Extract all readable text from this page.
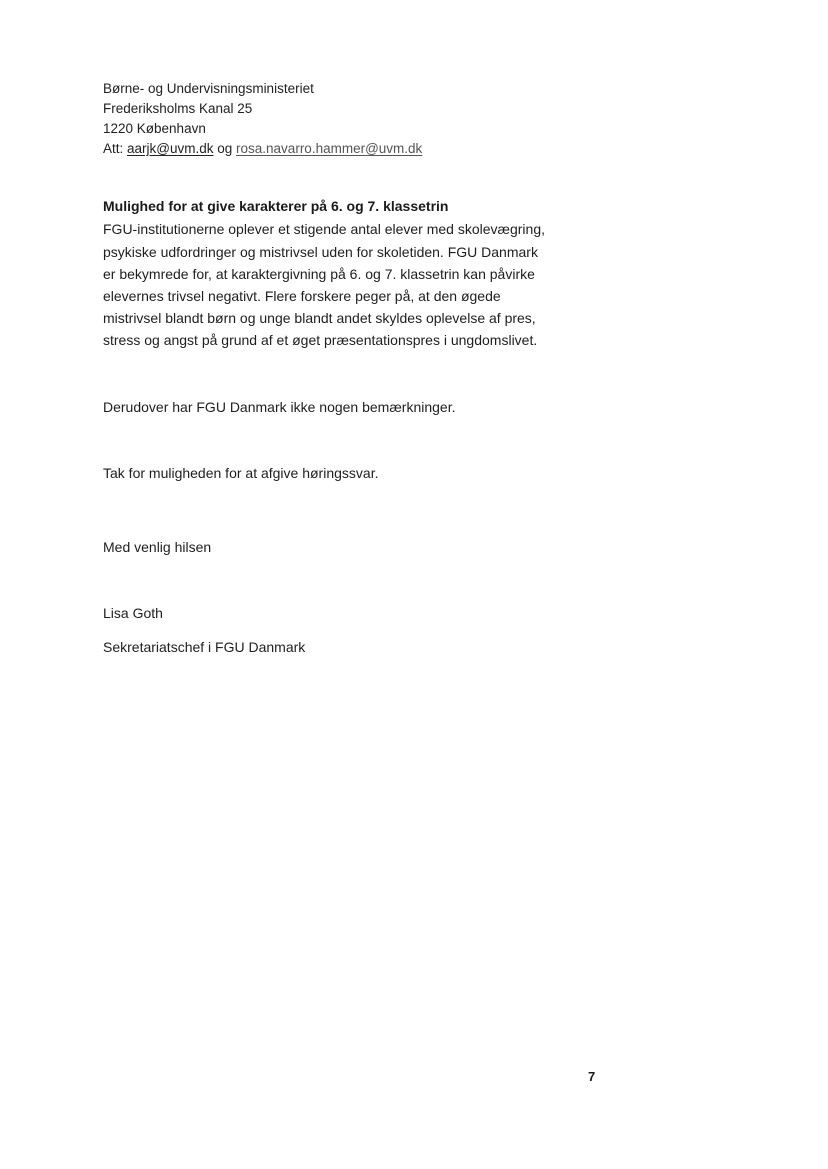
Børne- og Undervisningsministeriet
Frederiksholms Kanal 25
1220 København
Att: aarjk@uvm.dk og rosa.navarro.hammer@uvm.dk
Mulighed for at give karakterer på 6. og 7. klassetrin
FGU-institutionerne oplever et stigende antal elever med skolevægring,
psykiske udfordringer og mistrivsel uden for skoletiden. FGU Danmark
er bekymrede for, at karaktergivning på 6. og 7. klassetrin kan påvirke
elevernes trivsel negativt. Flere forskere peger på, at den øgede
mistrivsel blandt børn og unge blandt andet skyldes oplevelse af pres,
stress og angst på grund af et øget præsentationspres i ungdomslivet.
Derudover har FGU Danmark ikke nogen bemærkninger.
Tak for muligheden for at afgive høringssvar.
Med venlig hilsen
Lisa Goth
Sekretariatschef i FGU Danmark
7
